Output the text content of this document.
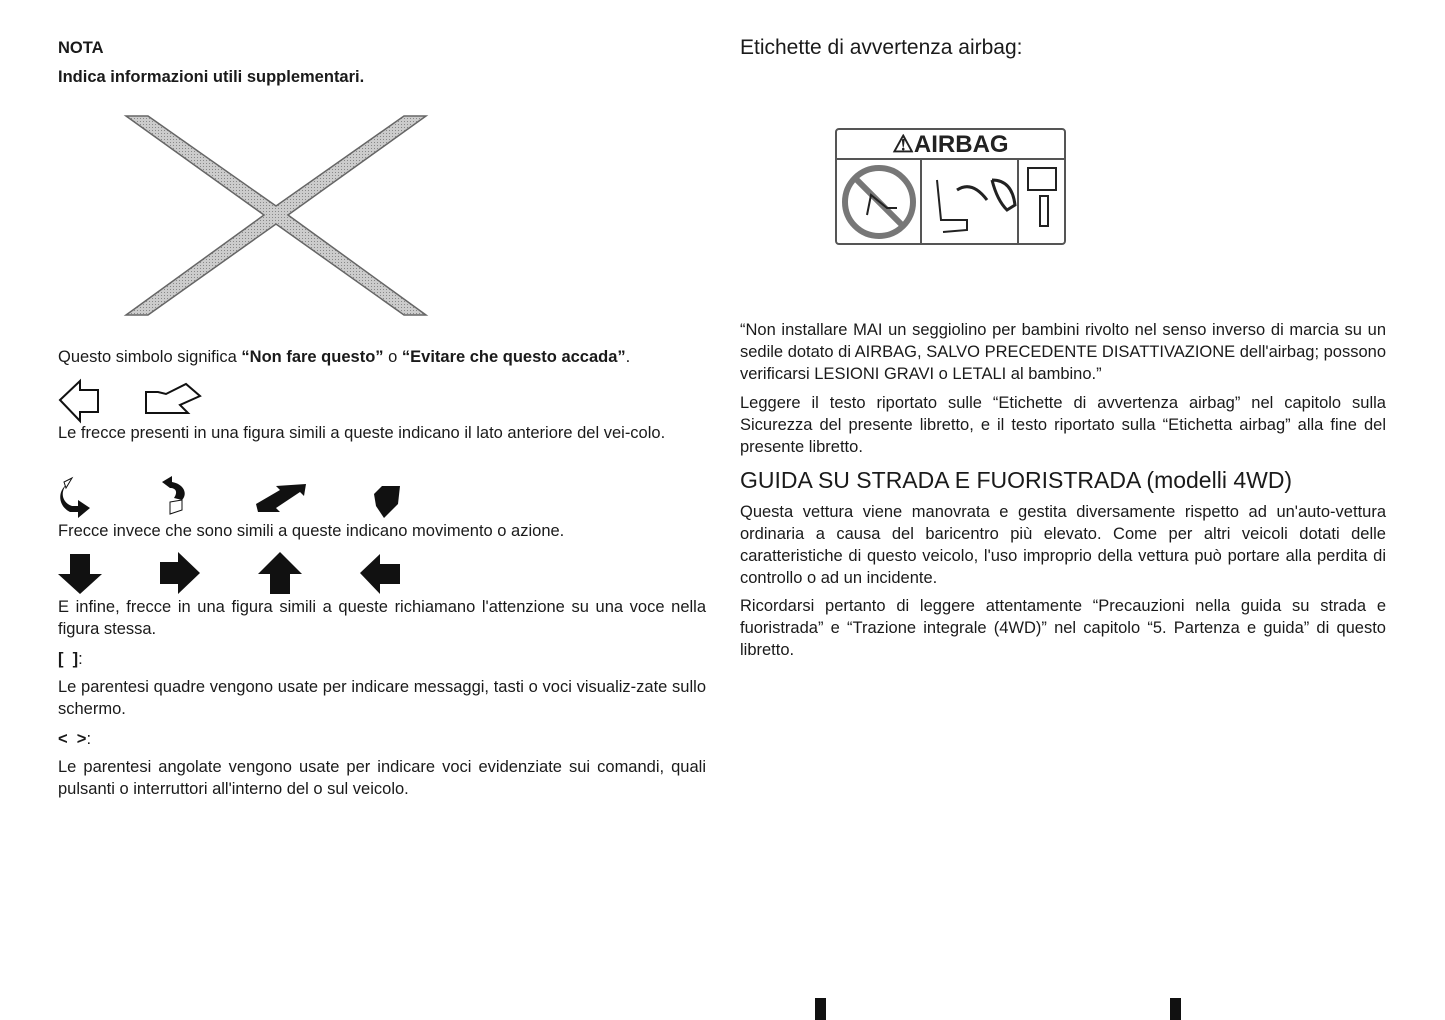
NOTA
Indica informazioni utili supplementari.
Questo simbolo significa “Non fare questo” o “Evitare che questo accada”.
Le frecce presenti in una figura simili a queste indicano il lato anteriore del vei-colo.
Frecce invece che sono simili a queste indicano movimento o azione.
E infine, frecce in una figura simili a queste richiamano l'attenzione su una voce nella figura stessa.
[  ]:
Le parentesi quadre vengono usate per indicare messaggi, tasti o voci visualiz-zate sullo schermo.
<  >:
Le parentesi angolate vengono usate per indicare voci evidenziate sui comandi, quali pulsanti o interruttori all'interno del o sul veicolo.
Etichette di avvertenza airbag:
⚠AIRBAG
“Non installare MAI un seggiolino per bambini rivolto nel senso inverso di marcia su un sedile dotato di AIRBAG, SALVO PRECEDENTE DISATTIVAZIONE dell'airbag; possono verificarsi LESIONI GRAVI o LETALI al bambino.”
Leggere il testo riportato sulle “Etichette di avvertenza airbag” nel capitolo sulla Sicurezza del presente libretto, e il testo riportato sulla “Etichetta airbag” alla fine del presente libretto.
GUIDA SU STRADA E FUORISTRADA (modelli 4WD)
Questa vettura viene manovrata e gestita diversamente rispetto ad un'auto-vettura ordinaria a causa del baricentro più elevato. Come per altri veicoli dotati delle caratteristiche di questo veicolo, l'uso improprio della vettura può portare alla perdita di controllo o ad un incidente.
Ricordarsi pertanto di leggere attentamente “Precauzioni nella guida su strada e fuoristrada” e “Trazione integrale (4WD)” nel capitolo “5. Partenza e guida” di questo libretto.
